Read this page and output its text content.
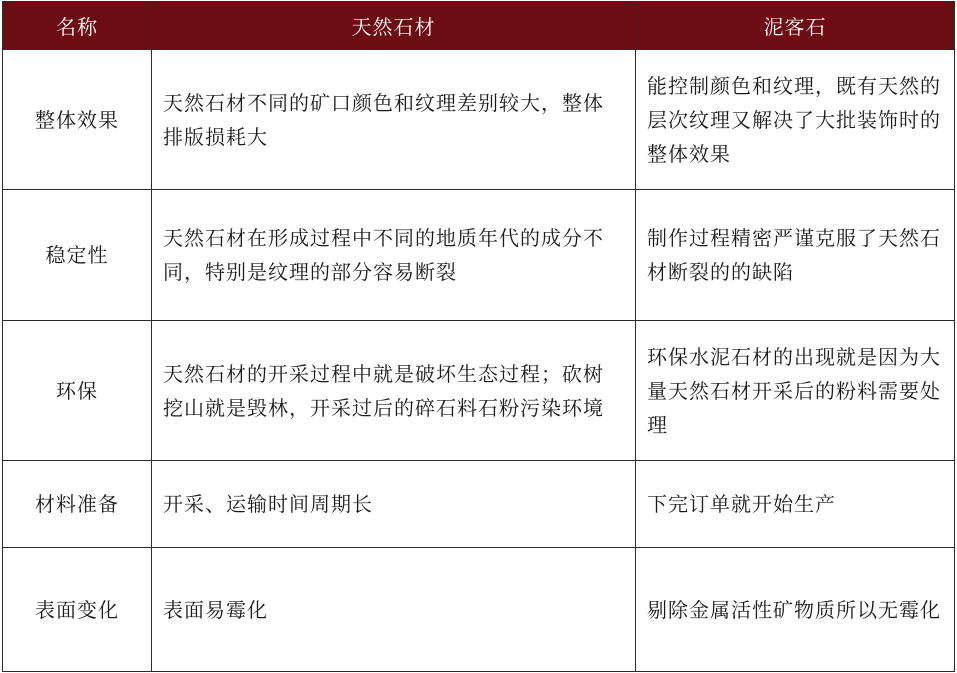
名称	天然石材	泥客石
整体效果	天然石材不同的矿口颜色和纹理差别较大，整体排版损耗大	能控制颜色和纹理，既有天然的层次纹理又解决了大批装饰时的整体效果
稳定性	天然石材在形成过程中不同的地质年代的成分不同，特别是纹理的部分容易断裂	制作过程精密严谨克服了天然石材断裂的的缺陷
环保	天然石材的开采过程中就是破坏生态过程；砍树挖山就是毁林，开采过后的碎石料石粉污染环境	环保水泥石材的出现就是因为大量天然石材开采后的粉料需要处理
材料准备	开采、运输时间周期长	下完订单就开始生产
表面变化	表面易霉化	剔除金属活性矿物质所以无霉化
